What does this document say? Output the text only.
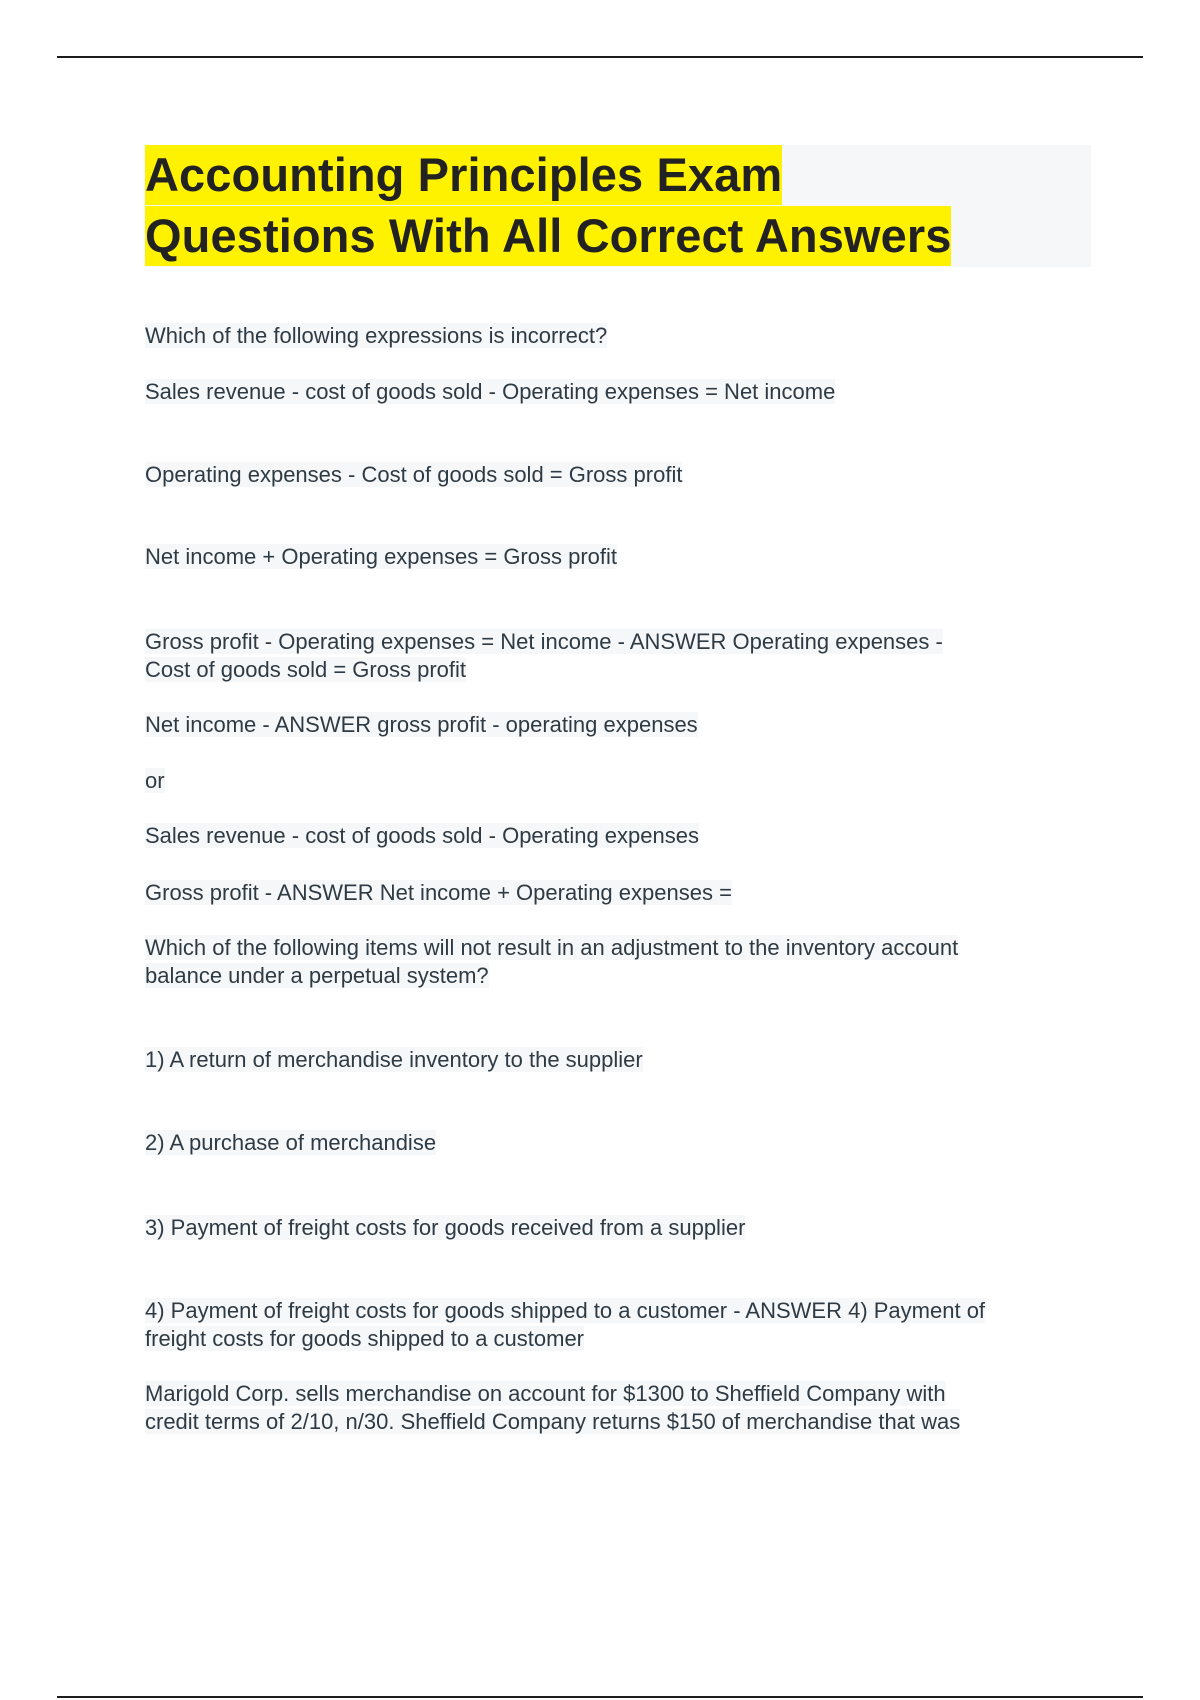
Accounting Principles Exam
Questions With All Correct Answers
Which of the following expressions is incorrect?
Sales revenue - cost of goods sold - Operating expenses = Net income
Operating expenses - Cost of goods sold = Gross profit
Net income + Operating expenses = Gross profit
Gross profit - Operating expenses = Net income - ANSWER Operating expenses -
Cost of goods sold = Gross profit
Net income - ANSWER gross profit - operating expenses
or
Sales revenue - cost of goods sold - Operating expenses
Gross profit - ANSWER Net income + Operating expenses =
Which of the following items will not result in an adjustment to the inventory account
balance under a perpetual system?
1) A return of merchandise inventory to the supplier
2) A purchase of merchandise
3) Payment of freight costs for goods received from a supplier
4) Payment of freight costs for goods shipped to a customer - ANSWER 4) Payment of
freight costs for goods shipped to a customer
Marigold Corp. sells merchandise on account for $1300 to Sheffield Company with
credit terms of 2/10, n/30. Sheffield Company returns $150 of merchandise that was
